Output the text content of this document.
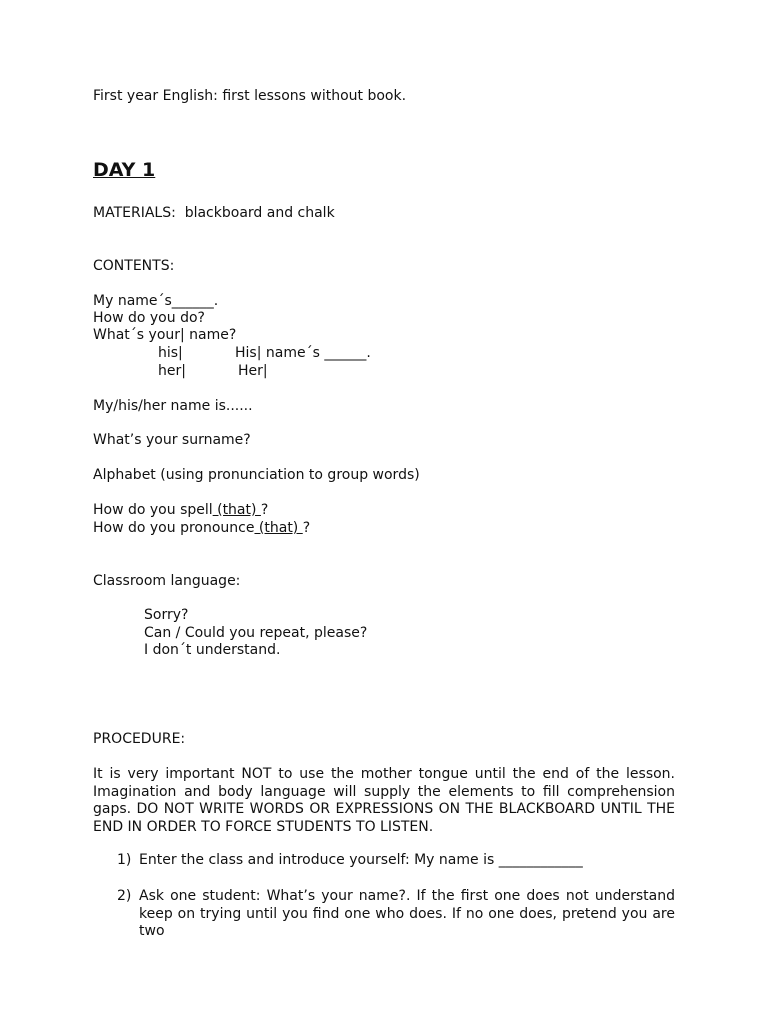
First year English: first lessons without book.
DAY 1
MATERIALS:  blackboard and chalk
CONTENTS:
My name´s______.
How do you do?
What´s your| name?
his|	His| name´s ______.
her|	Her|
My/his/her name is......
What’s your surname?
Alphabet (using pronunciation to group words)
How do you spell (that) ?
How do you pronounce (that) ?
Classroom language:
Sorry?
Can / Could you repeat, please?
I don´t understand.
PROCEDURE:
It is very important NOT to use the mother tongue until the end of the lesson. Imagination and body language will supply the elements to fill comprehension gaps. DO NOT WRITE WORDS OR EXPRESSIONS ON THE BLACKBOARD UNTIL THE END IN ORDER TO FORCE STUDENTS TO LISTEN.
1) Enter the class and introduce yourself: My name is ____________
2) Ask one student: What’s your name?. If the first one does not understand keep on trying until you find one who does. If no one does, pretend you are two
